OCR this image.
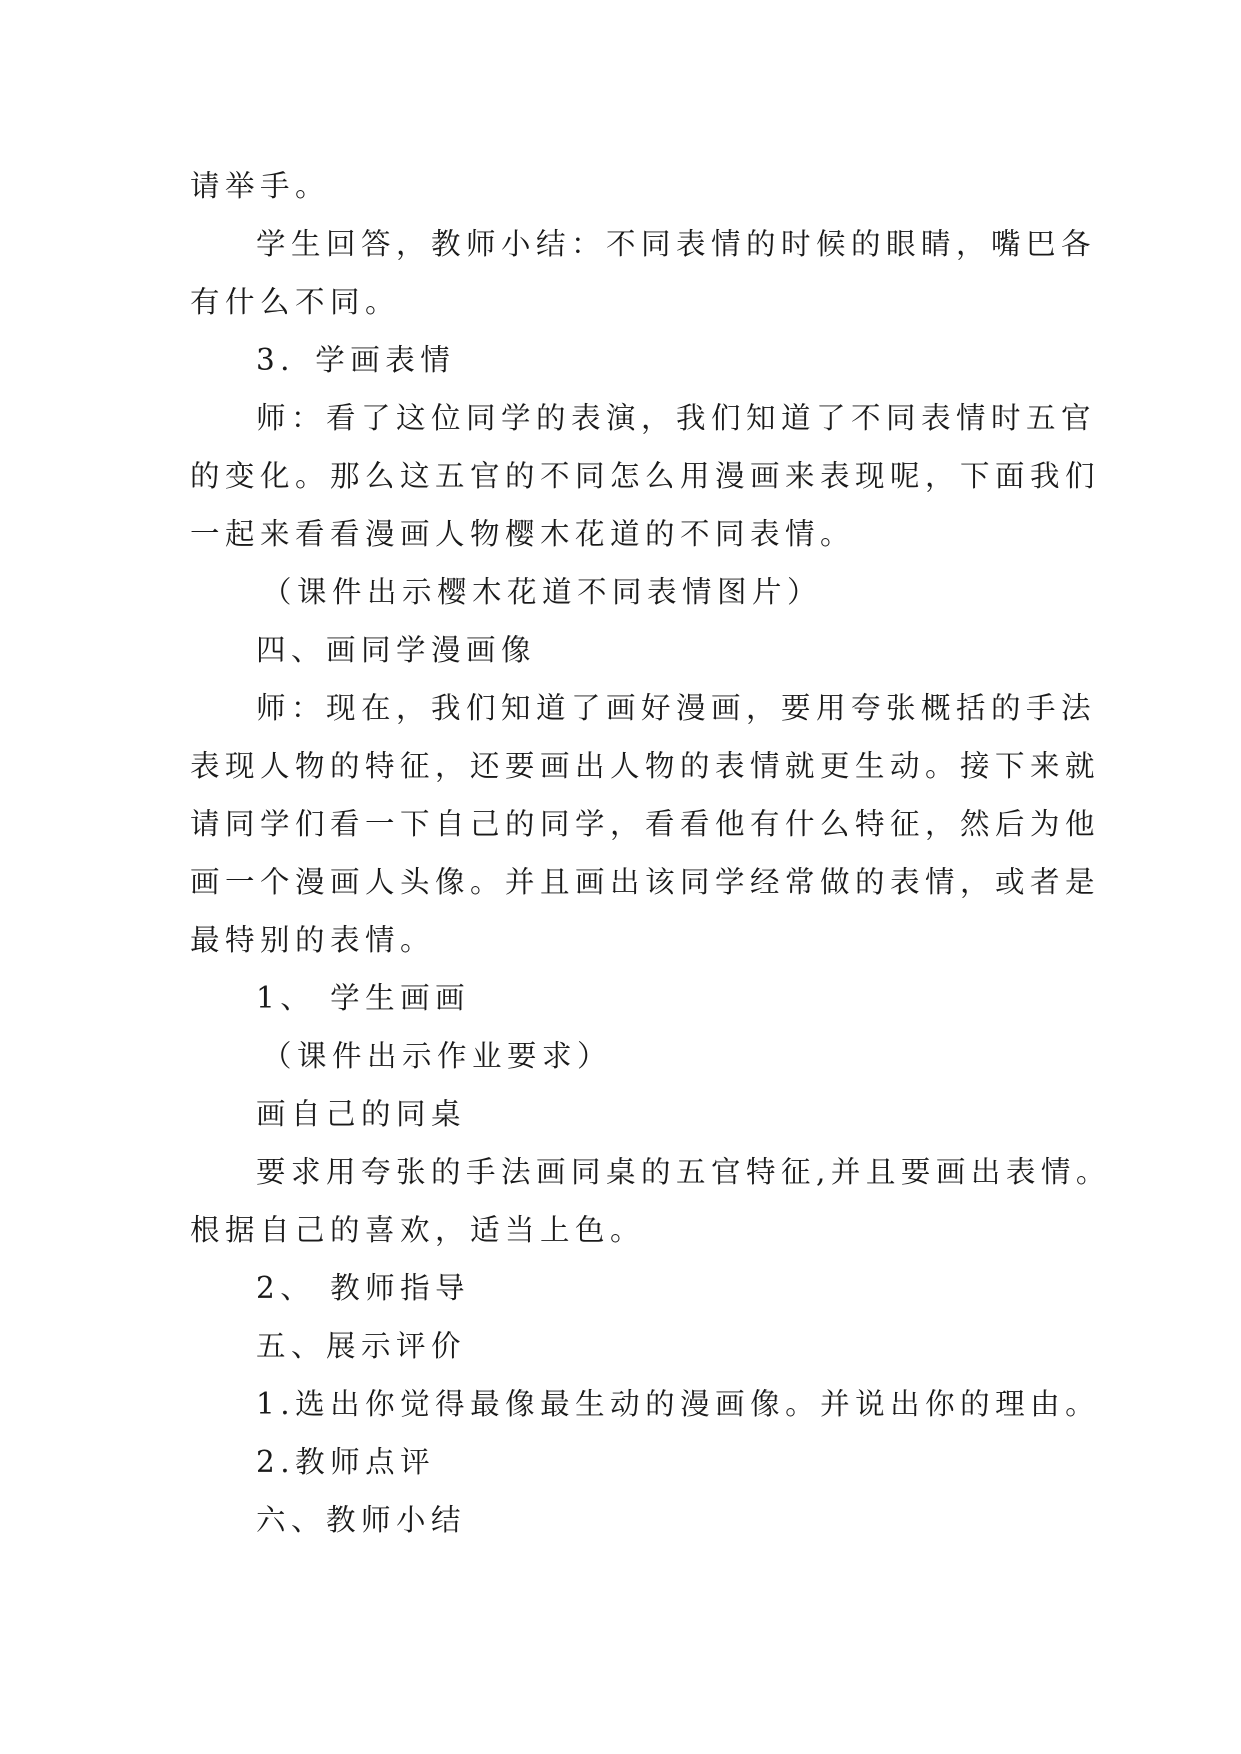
请举手。
学生回答，教师小结：不同表情的时候的眼睛，嘴巴各
有什么不同。
3．学画表情
师：看了这位同学的表演，我们知道了不同表情时五官
的变化。那么这五官的不同怎么用漫画来表现呢，下面我们
一起来看看漫画人物樱木花道的不同表情。
（课件出示樱木花道不同表情图片）
四、画同学漫画像
师：现在，我们知道了画好漫画，要用夸张概括的手法
表现人物的特征，还要画出人物的表情就更生动。接下来就
请同学们看一下自己的同学，看看他有什么特征，然后为他
画一个漫画人头像。并且画出该同学经常做的表情，或者是
最特别的表情。
1、 学生画画
（课件出示作业要求）
画自己的同桌
要求用夸张的手法画同桌的五官特征,并且要画出表情。
根据自己的喜欢，适当上色。
2、 教师指导
五、展示评价
1.选出你觉得最像最生动的漫画像。并说出你的理由。
2.教师点评
六、教师小结
